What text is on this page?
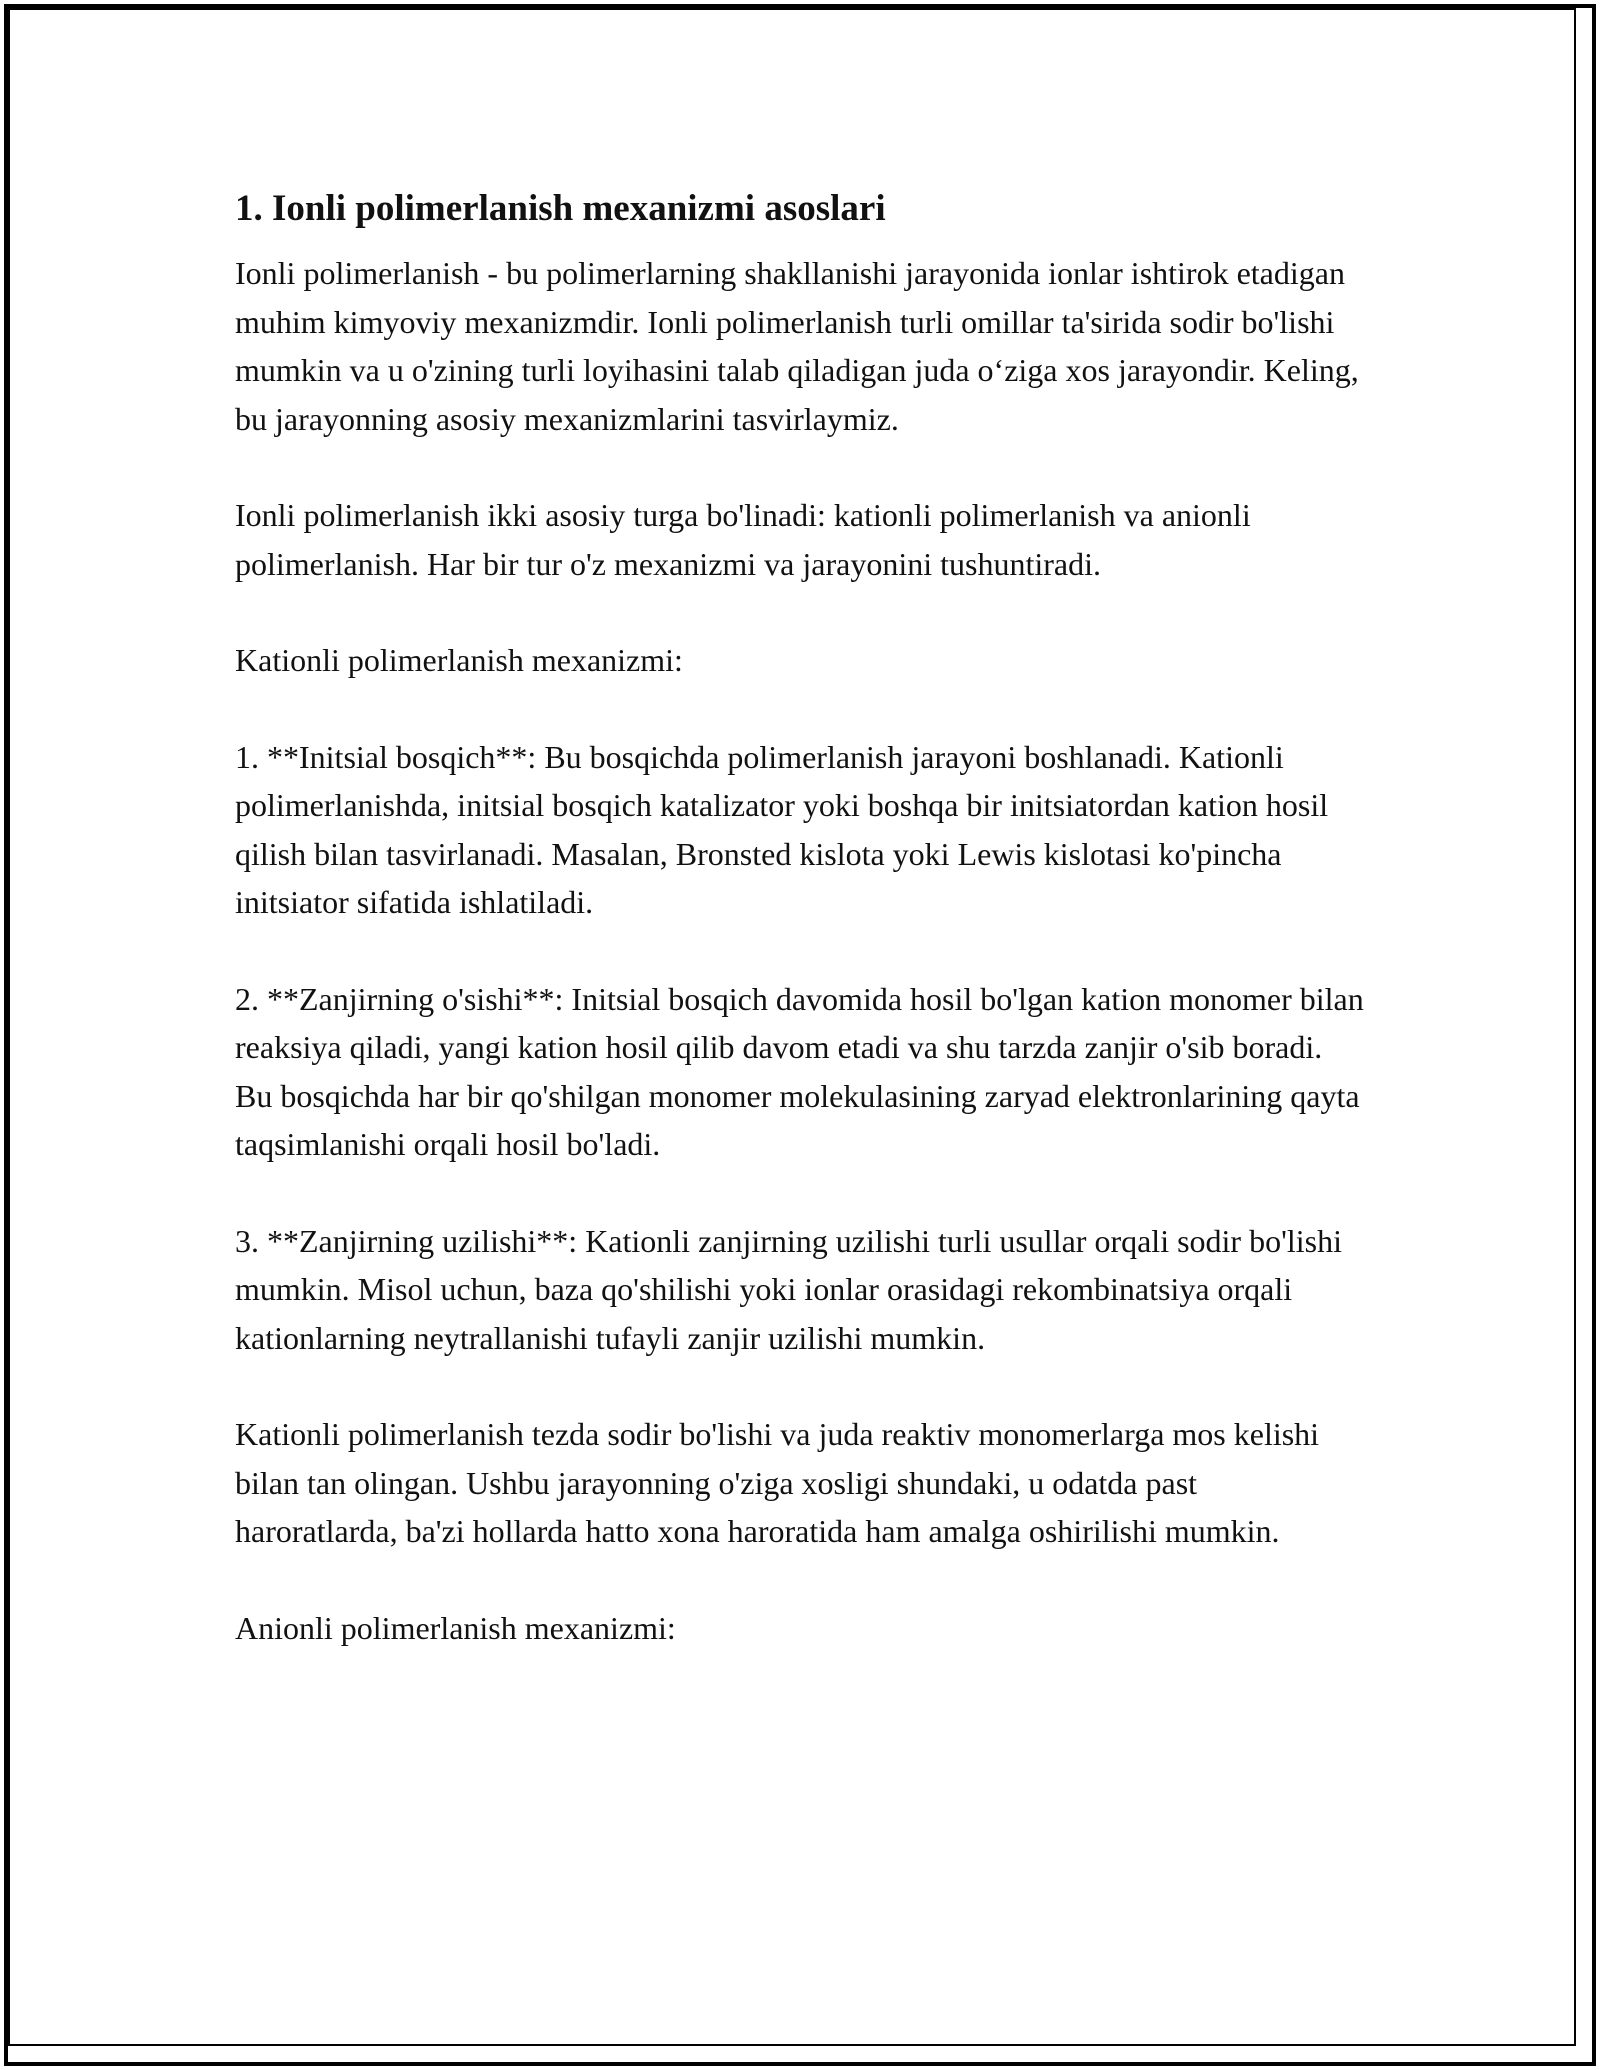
1. Ionli polimerlanish mexanizmi asoslari

Ionli polimerlanish - bu polimerlarning shakllanishi jarayonida ionlar ishtirok etadigan muhim kimyoviy mexanizmdir. Ionli polimerlanish turli omillar ta'sirida sodir bo'lishi mumkin va u o'zining turli loyihasini talab qiladigan juda o‘ziga xos jarayondir. Keling, bu jarayonning asosiy mexanizmlarini tasvirlaymiz.

Ionli polimerlanish ikki asosiy turga bo'linadi: kationli polimerlanish va anionli polimerlanish. Har bir tur o'z mexanizmi va jarayonini tushuntiradi.

Kationli polimerlanish mexanizmi:

1. **Initsial bosqich**: Bu bosqichda polimerlanish jarayoni boshlanadi. Kationli polimerlanishda, initsial bosqich katalizator yoki boshqa bir initsiatordan kation hosil qilish bilan tasvirlanadi. Masalan, Bronsted kislota yoki Lewis kislotasi ko'pincha initsiator sifatida ishlatiladi.

2. **Zanjirning o'sishi**: Initsial bosqich davomida hosil bo'lgan kation monomer bilan reaksiya qiladi, yangi kation hosil qilib davom etadi va shu tarzda zanjir o'sib boradi. Bu bosqichda har bir qo'shilgan monomer molekulasining zaryad elektronlarining qayta taqsimlanishi orqali hosil bo'ladi.

3. **Zanjirning uzilishi**: Kationli zanjirning uzilishi turli usullar orqali sodir bo'lishi mumkin. Misol uchun, baza qo'shilishi yoki ionlar orasidagi rekombinatsiya orqali kationlarning neytrallanishi tufayli zanjir uzilishi mumkin.

Kationli polimerlanish tezda sodir bo'lishi va juda reaktiv monomerlarga mos kelishi bilan tan olingan. Ushbu jarayonning o'ziga xosligi shundaki, u odatda past haroratlarda, ba'zi hollarda hatto xona haroratida ham amalga oshirilishi mumkin.

Anionli polimerlanish mexanizmi:
